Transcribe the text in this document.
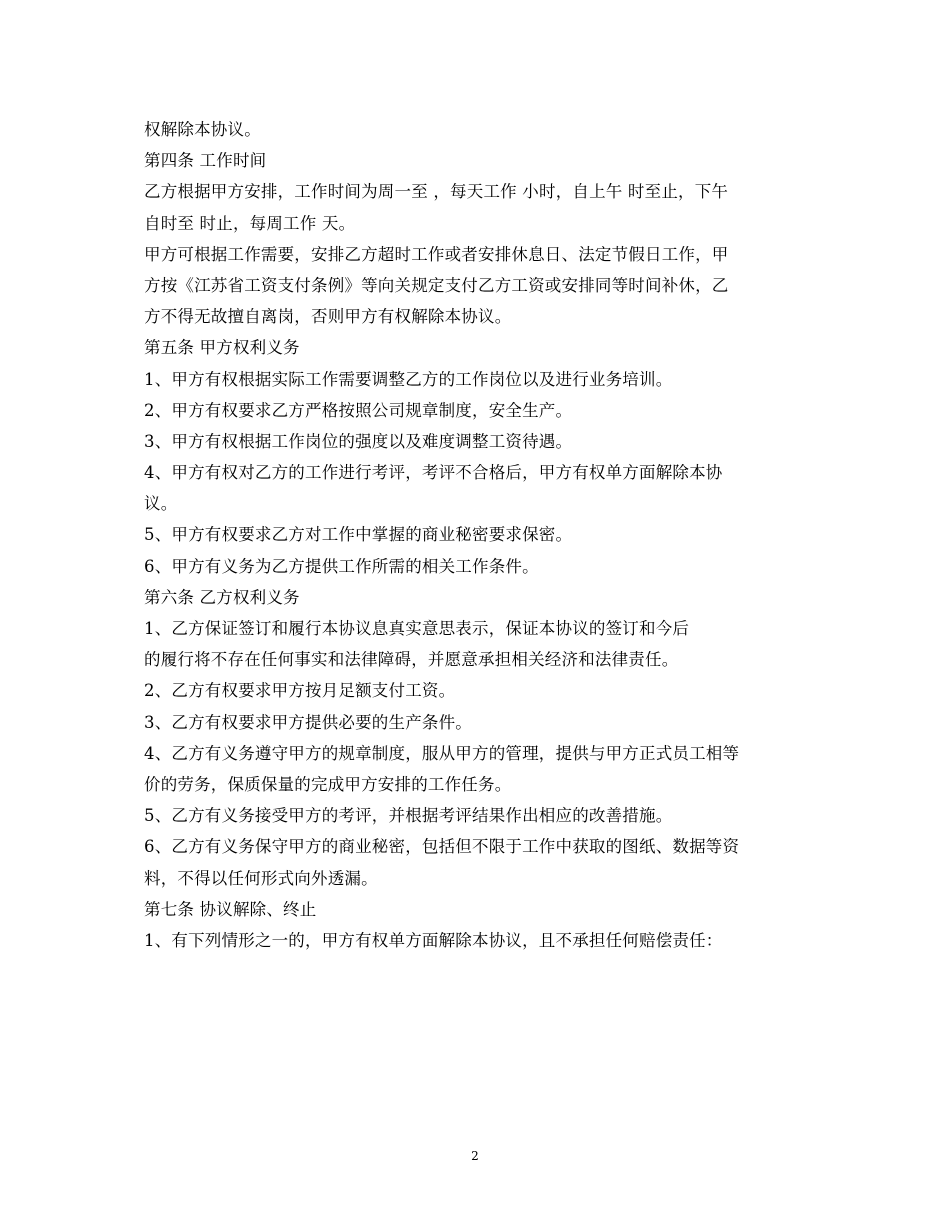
权解除本协议。
第四条 工作时间
乙方根据甲方安排，工作时间为周一至 ，每天工作 小时，自上午 时至止，下午
自时至 时止，每周工作 天。
甲方可根据工作需要，安排乙方超时工作或者安排休息日、法定节假日工作，甲
方按《江苏省工资支付条例》等向关规定支付乙方工资或安排同等时间补休，乙
方不得无故擅自离岗，否则甲方有权解除本协议。
第五条 甲方权利义务
1、甲方有权根据实际工作需要调整乙方的工作岗位以及进行业务培训。
2、甲方有权要求乙方严格按照公司规章制度，安全生产。
3、甲方有权根据工作岗位的强度以及难度调整工资待遇。
4、甲方有权对乙方的工作进行考评，考评不合格后，甲方有权单方面解除本协
议。
5、甲方有权要求乙方对工作中掌握的商业秘密要求保密。
6、甲方有义务为乙方提供工作所需的相关工作条件。
第六条 乙方权利义务
1、乙方保证签订和履行本协议息真实意思表示，保证本协议的签订和今后
的履行将不存在任何事实和法律障碍，并愿意承担相关经济和法律责任。
2、乙方有权要求甲方按月足额支付工资。
3、乙方有权要求甲方提供必要的生产条件。
4、乙方有义务遵守甲方的规章制度，服从甲方的管理，提供与甲方正式员工相等
价的劳务，保质保量的完成甲方安排的工作任务。
5、乙方有义务接受甲方的考评，并根据考评结果作出相应的改善措施。
6、乙方有义务保守甲方的商业秘密，包括但不限于工作中获取的图纸、数据等资
料，不得以任何形式向外透漏。
第七条 协议解除、终止
1、有下列情形之一的，甲方有权单方面解除本协议，且不承担任何赔偿责任：
2
